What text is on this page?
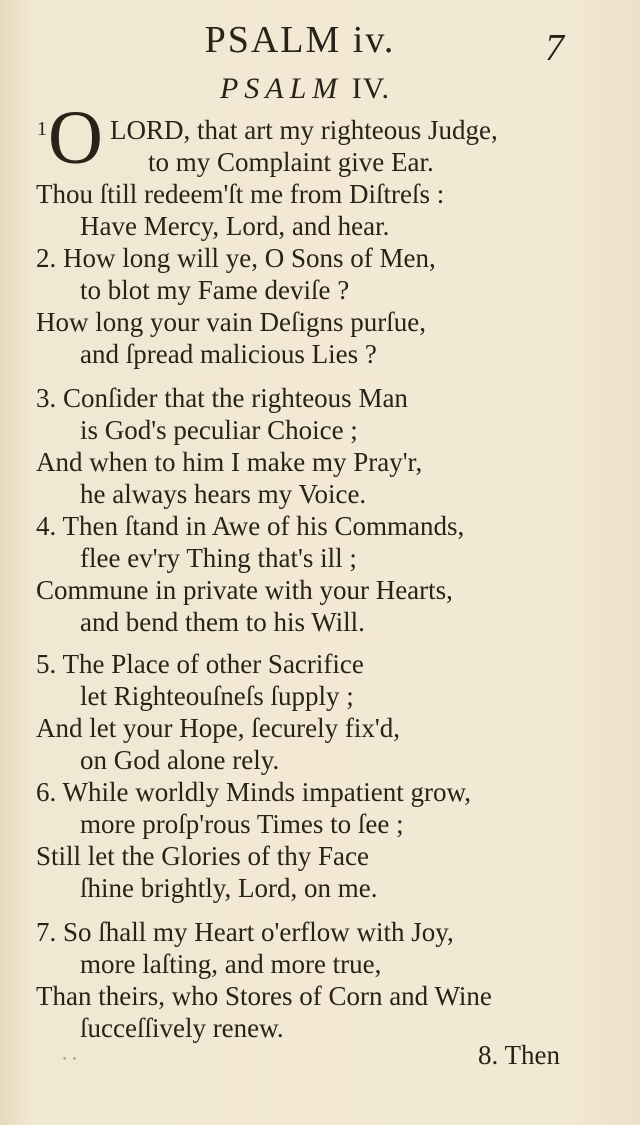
PSALM iv.	7
PSALM IV.
1 O LORD, that art my righteous Judge,
to my Complaint give Ear.
Thou ſtill redeem'ſt me from Diſtreſs :
Have Mercy, Lord, and hear.
2. How long will ye, O Sons of Men,
to blot my Fame deviſe ?
How long your vain Deſigns purſue,
and ſpread malicious Lies ?
3. Conſider that the righteous Man
is God's peculiar Choice ;
And when to him I make my Pray'r,
he always hears my Voice.
4. Then ſtand in Awe of his Commands,
flee ev'ry Thing that's ill ;
Commune in private with your Hearts,
and bend them to his Will.
5. The Place of other Sacrifice
let Righteouſneſs ſupply ;
And let your Hope, ſecurely fix'd,
on God alone rely.
6. While worldly Minds impatient grow,
more proſp'rous Times to ſee ;
Still let the Glories of thy Face
ſhine brightly, Lord, on me.
7. So ſhall my Heart o'erflow with Joy,
more laſting, and more true,
Than theirs, who Stores of Corn and Wine
ſucceſſively renew.
∙ ∙	8. Then
